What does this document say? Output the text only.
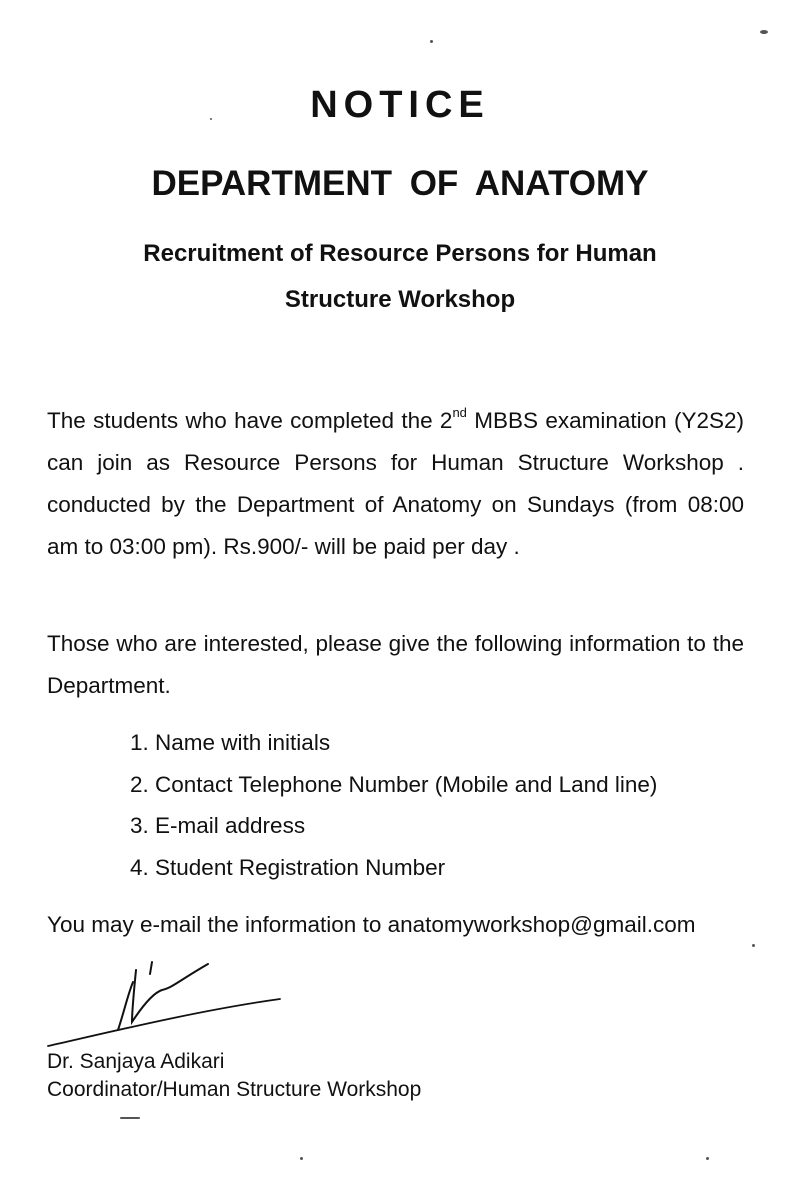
NOTICE
DEPARTMENT OF ANATOMY
Recruitment of Resource Persons for Human
Structure Workshop
The students who have completed the 2nd MBBS examination (Y2S2) can join as Resource Persons for Human Structure Workshop . conducted by the Department of Anatomy on Sundays (from 08:00 am to 03:00 pm). Rs.900/- will be paid per day .
Those who are interested, please give the following information to the Department.
1. Name with initials
2. Contact Telephone Number (Mobile and Land line)
3. E-mail address
4. Student Registration Number
You may e-mail the information to anatomyworkshop@gmail.com
Dr. Sanjaya Adikari
Coordinator/Human Structure Workshop
